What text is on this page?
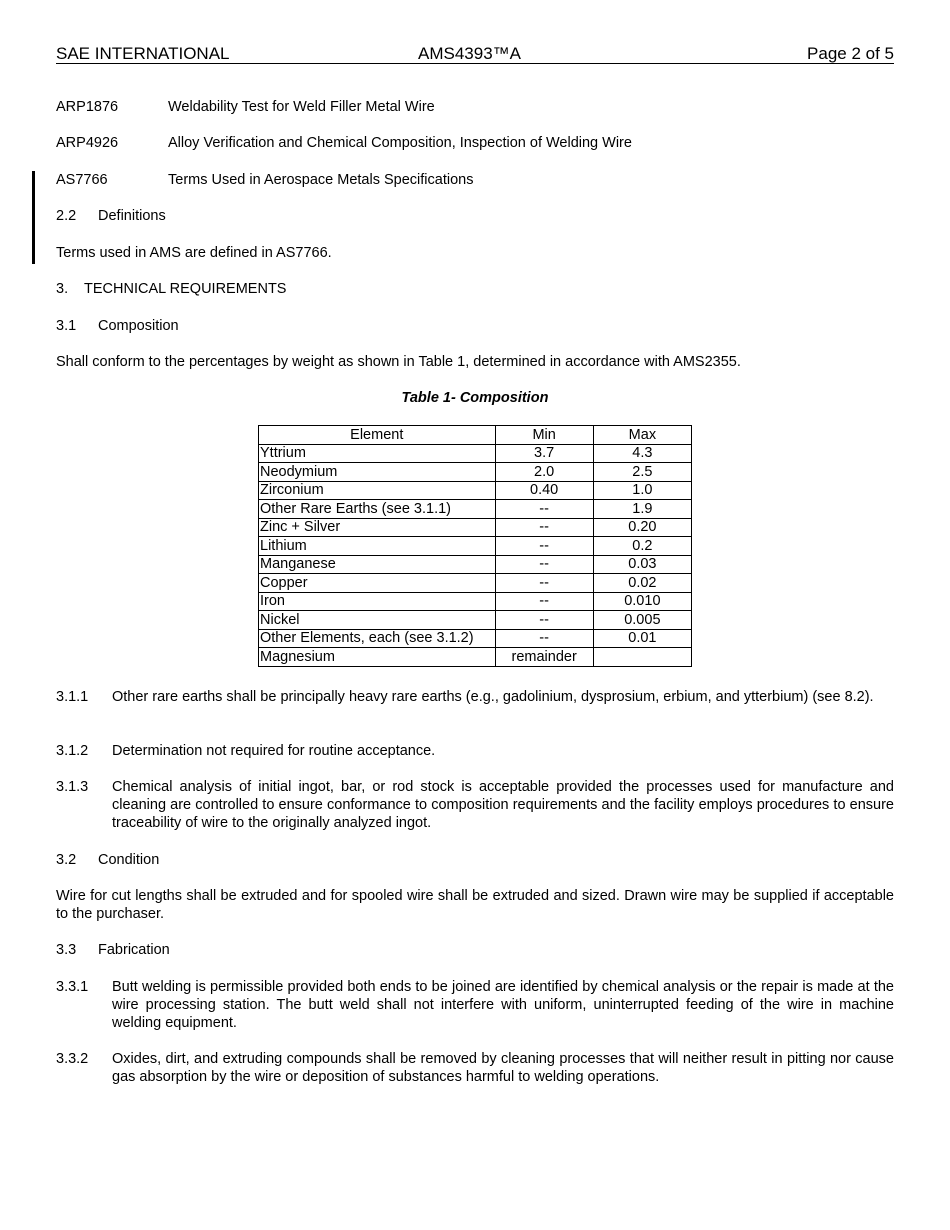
SAE INTERNATIONAL	AMS4393™A	Page 2 of 5
ARP1876	Weldability Test for Weld Filler Metal Wire
ARP4926	Alloy Verification and Chemical Composition, Inspection of Welding Wire
AS7766	Terms Used in Aerospace Metals Specifications
2.2 Definitions
Terms used in AMS are defined in AS7766.
3. TECHNICAL REQUIREMENTS
3.1 Composition
Shall conform to the percentages by weight as shown in Table 1, determined in accordance with AMS2355.
Table 1- Composition
Element	Min	Max
Yttrium	3.7	4.3
Neodymium	2.0	2.5
Zirconium	0.40	1.0
Other Rare Earths (see 3.1.1)	--	1.9
Zinc + Silver	--	0.20
Lithium	--	0.2
Manganese	--	0.03
Copper	--	0.02
Iron	--	0.010
Nickel	--	0.005
Other Elements, each (see 3.1.2)	--	0.01
Magnesium	remainder	
3.1.1 Other rare earths shall be principally heavy rare earths (e.g., gadolinium, dysprosium, erbium, and ytterbium) (see 8.2).
3.1.2 Determination not required for routine acceptance.
3.1.3 Chemical analysis of initial ingot, bar, or rod stock is acceptable provided the processes used for manufacture and cleaning are controlled to ensure conformance to composition requirements and the facility employs procedures to ensure traceability of wire to the originally analyzed ingot.
3.2 Condition
Wire for cut lengths shall be extruded and for spooled wire shall be extruded and sized. Drawn wire may be supplied if acceptable to the purchaser.
3.3 Fabrication
3.3.1 Butt welding is permissible provided both ends to be joined are identified by chemical analysis or the repair is made at the wire processing station. The butt weld shall not interfere with uniform, uninterrupted feeding of the wire in machine welding equipment.
3.3.2 Oxides, dirt, and extruding compounds shall be removed by cleaning processes that will neither result in pitting nor cause gas absorption by the wire or deposition of substances harmful to welding operations.
